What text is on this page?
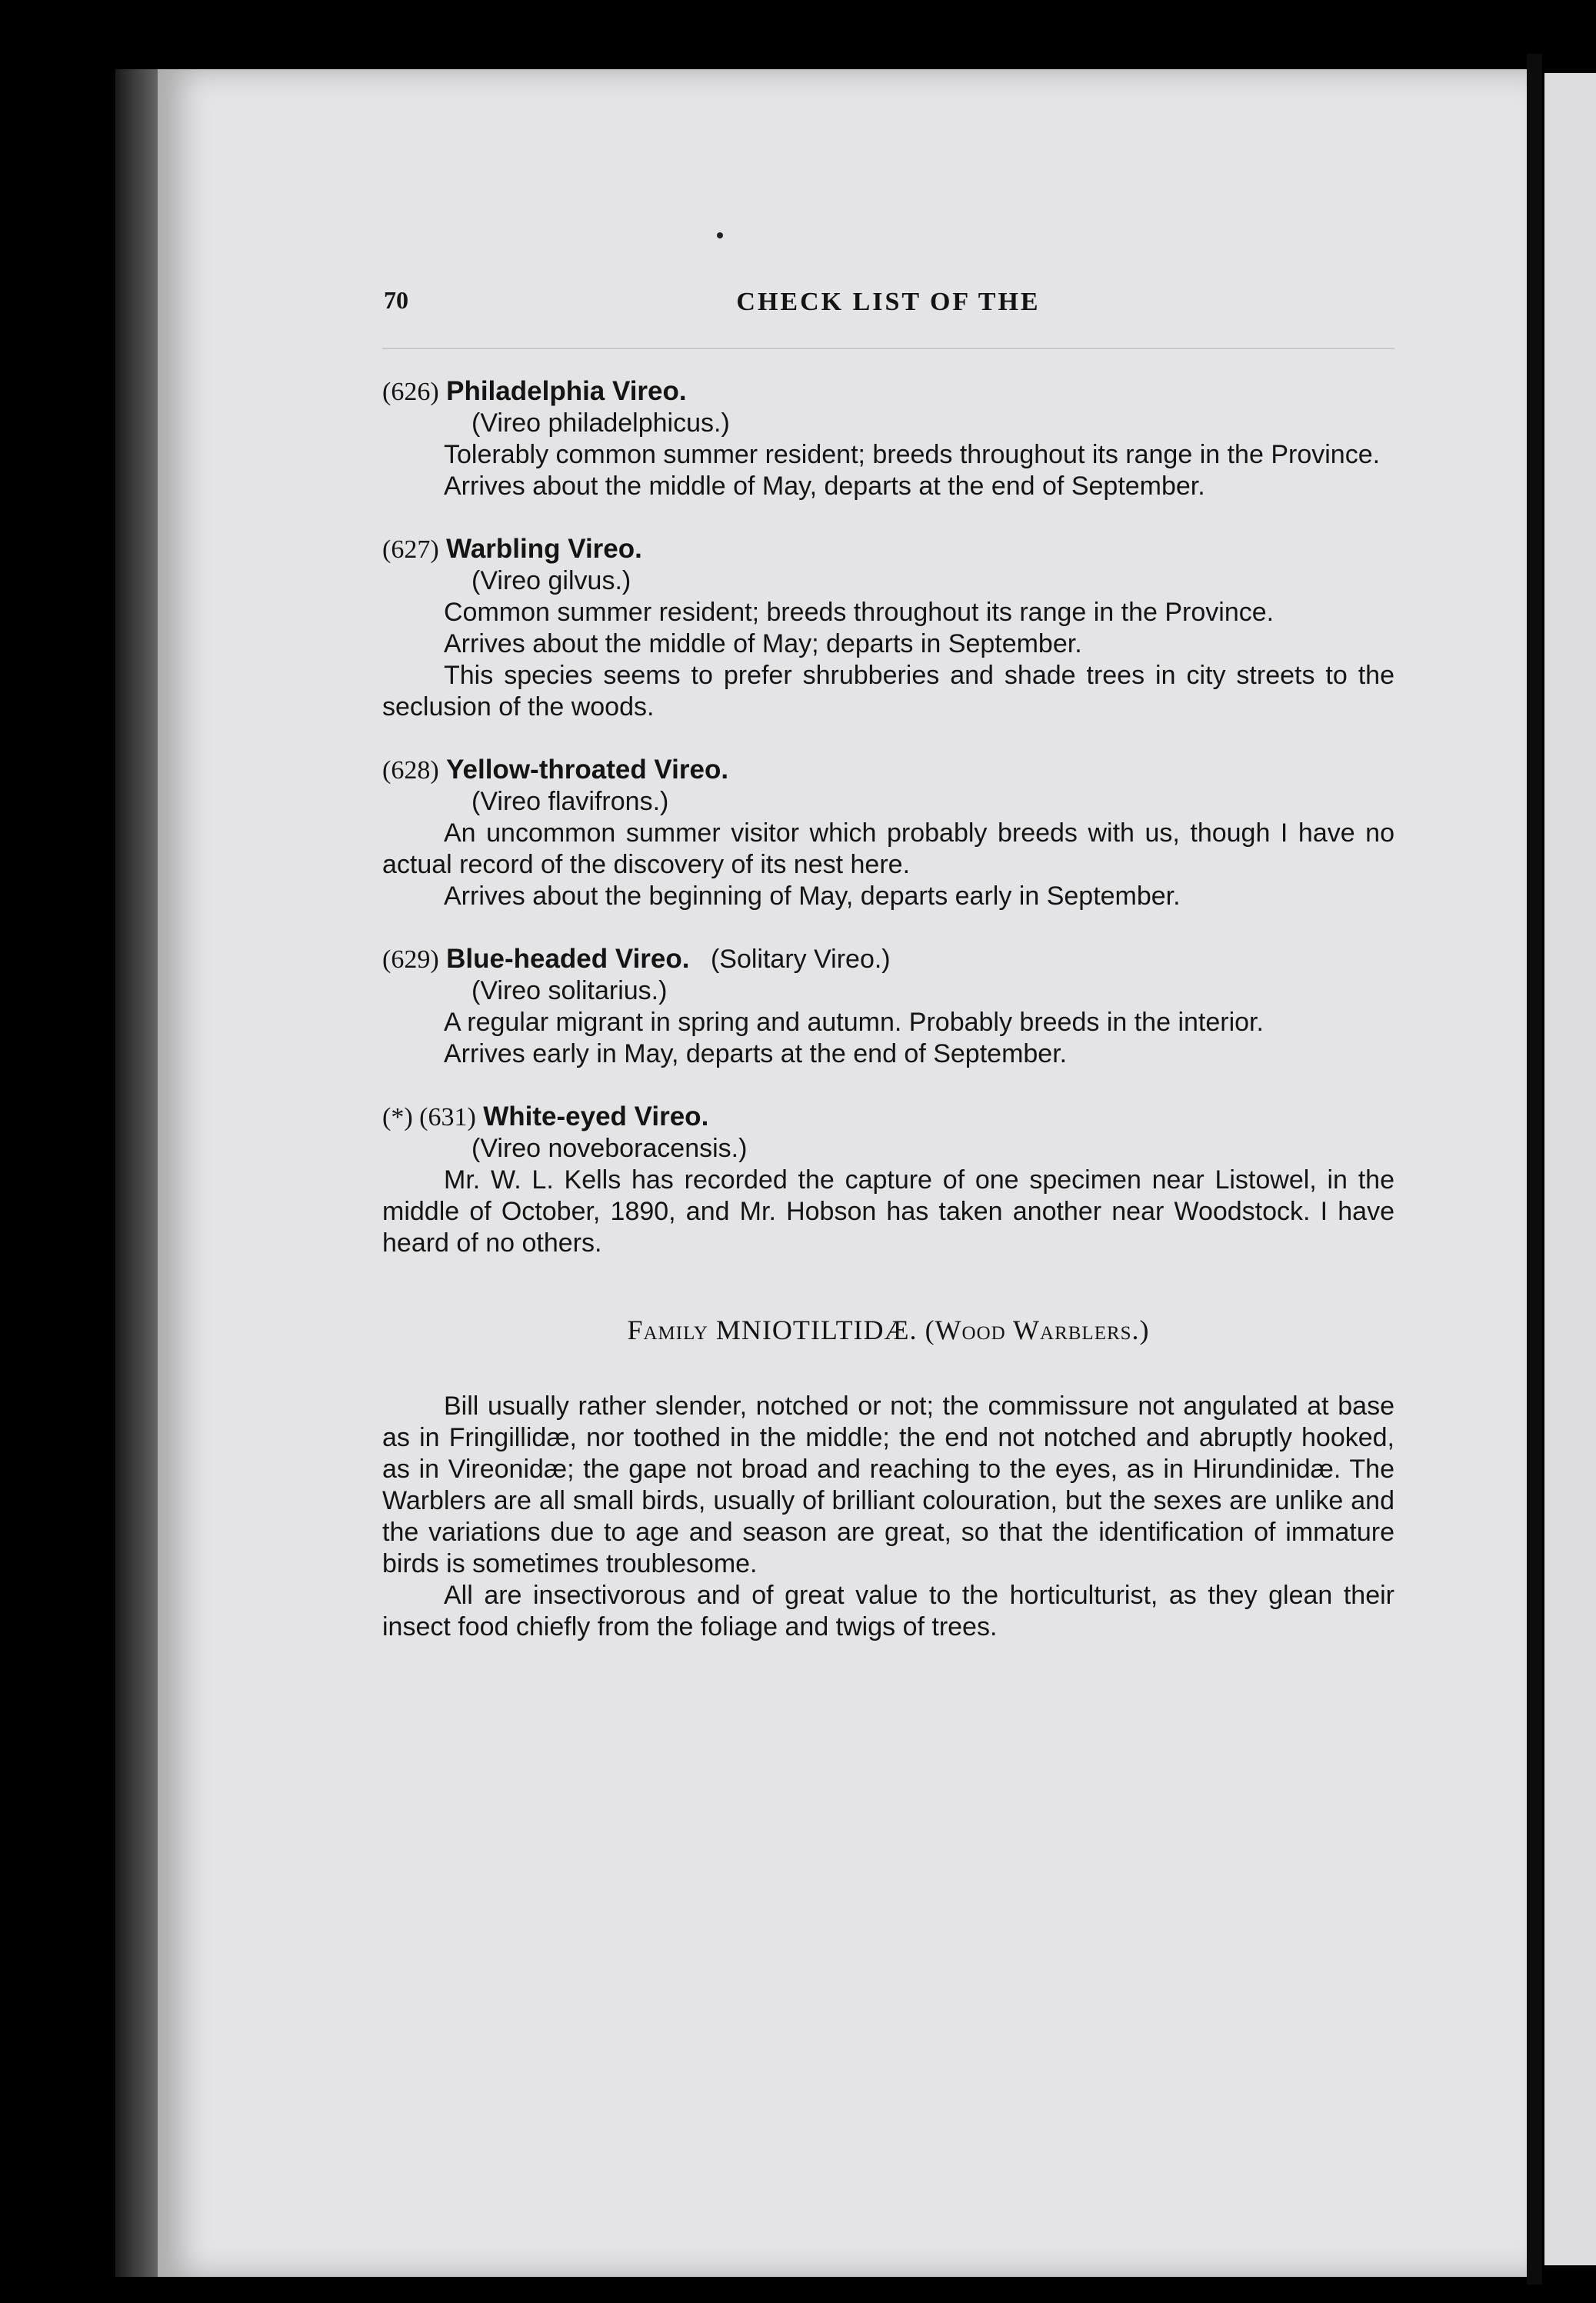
70	CHECK LIST OF THE
(626) Philadelphia Vireo.
(Vireo philadelphicus.)
Tolerably common summer resident; breeds throughout its range in the Province.
Arrives about the middle of May, departs at the end of September.
(627) Warbling Vireo.
(Vireo gilvus.)
Common summer resident; breeds throughout its range in the Province.
Arrives about the middle of May; departs in September.
This species seems to prefer shrubberies and shade trees in city streets to the seclusion of the woods.
(628) Yellow-throated Vireo.
(Vireo flavifrons.)
An uncommon summer visitor which probably breeds with us, though I have no actual record of the discovery of its nest here.
Arrives about the beginning of May, departs early in September.
(629) Blue-headed Vireo. (Solitary Vireo.)
(Vireo solitarius.)
A regular migrant in spring and autumn. Probably breeds in the interior.
Arrives early in May, departs at the end of September.
(*) (631) White-eyed Vireo.
(Vireo noveboracensis.)
Mr. W. L. Kells has recorded the capture of one specimen near Listowel, in the middle of October, 1890, and Mr. Hobson has taken another near Woodstock. I have heard of no others.
Family MNIOTILTIDÆ. (Wood Warblers.)
Bill usually rather slender, notched or not; the commissure not angulated at base as in Fringillidæ, nor toothed in the middle; the end not notched and abruptly hooked, as in Vireonidæ; the gape not broad and reaching to the eyes, as in Hirundinidæ. The Warblers are all small birds, usually of brilliant colouration, but the sexes are unlike and the variations due to age and season are great, so that the identification of immature birds is sometimes troublesome.
All are insectivorous and of great value to the horticulturist, as they glean their insect food chiefly from the foliage and twigs of trees.
